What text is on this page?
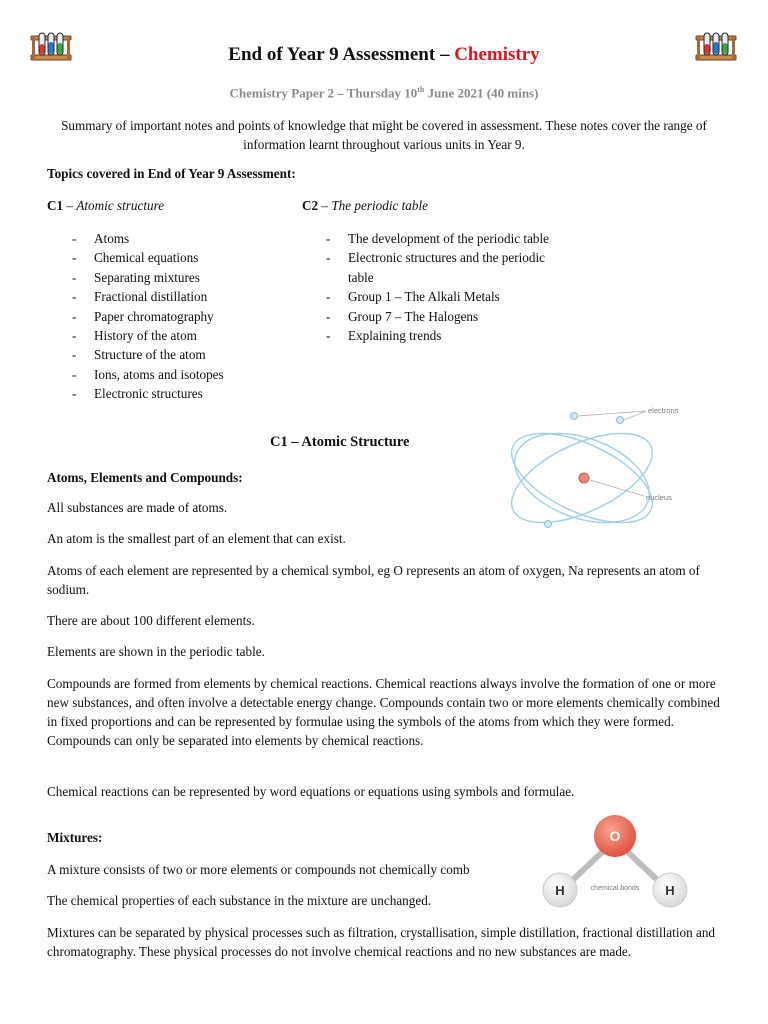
End of Year 9 Assessment – Chemistry
Chemistry Paper 2 – Thursday 10th June 2021 (40 mins)
Summary of important notes and points of knowledge that might be covered in assessment. These notes cover the range of information learnt throughout various units in Year 9.
Topics covered in End of Year 9 Assessment:
C1 – Atomic structure
- Atoms
- Chemical equations
- Separating mixtures
- Fractional distillation
- Paper chromatography
- History of the atom
- Structure of the atom
- Ions, atoms and isotopes
- Electronic structures
C2 – The periodic table
- The development of the periodic table
- Electronic structures and the periodic table
- Group 1 – The Alkali Metals
- Group 7 – The Halogens
- Explaining trends
electrons
nucleus
C1 – Atomic Structure
Atoms, Elements and Compounds:
All substances are made of atoms.
An atom is the smallest part of an element that can exist.
Atoms of each element are represented by a chemical symbol, eg O represents an atom of oxygen, Na represents an atom of sodium.
There are about 100 different elements.
Elements are shown in the periodic table.
Compounds are formed from elements by chemical reactions. Chemical reactions always involve the formation of one or more new substances, and often involve a detectable energy change. Compounds contain two or more elements chemically combined in fixed proportions and can be represented by formulae using the symbols of the atoms from which they were formed. Compounds can only be separated into elements by chemical reactions.
Chemical reactions can be represented by word equations or equations using symbols and formulae.
O
H	H
chemical bonds
Mixtures:
A mixture consists of two or more elements or compounds not chemically comb
The chemical properties of each substance in the mixture are unchanged.
Mixtures can be separated by physical processes such as filtration, crystallisation, simple distillation, fractional distillation and chromatography. These physical processes do not involve chemical reactions and no new substances are made.
